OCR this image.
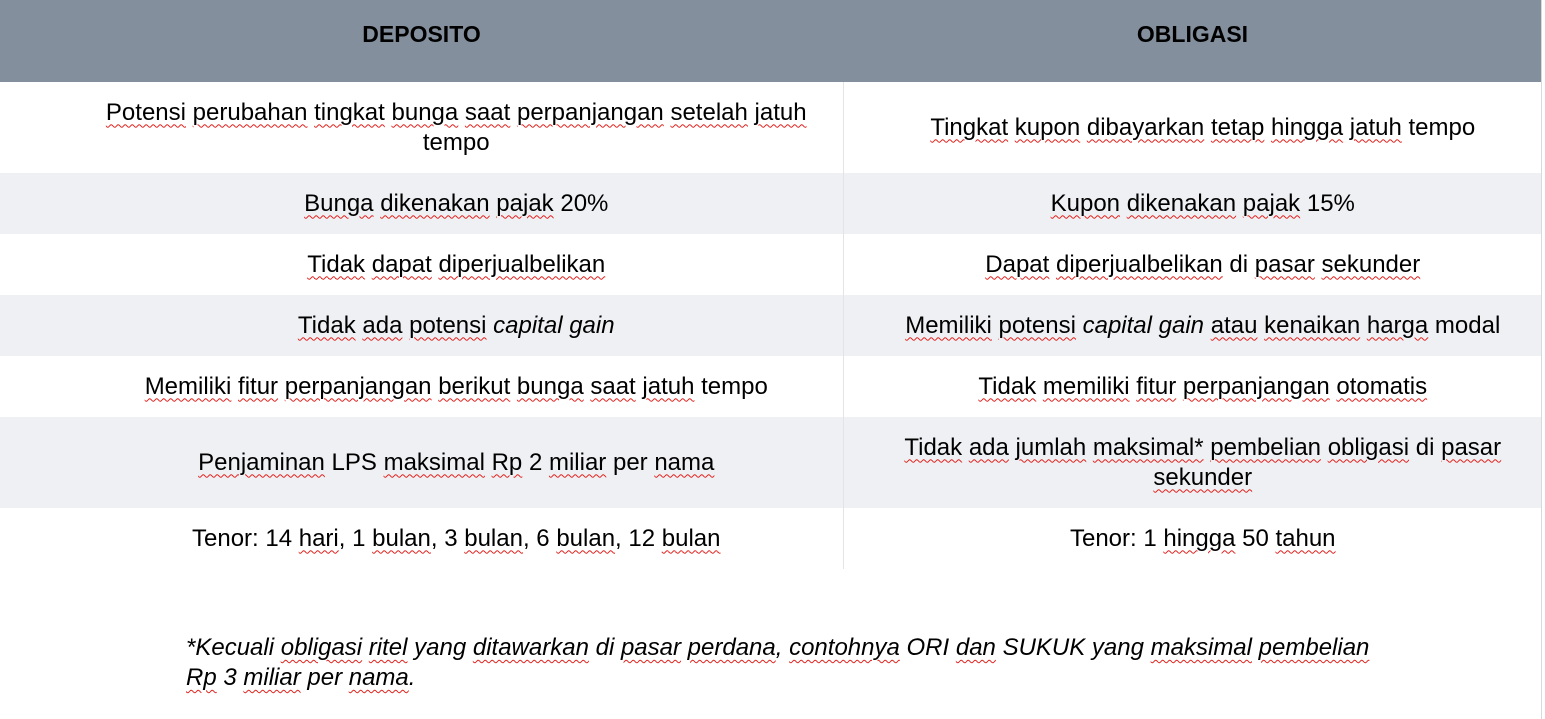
DEPOSITO	OBLIGASI
Potensi perubahan tingkat bunga saat perpanjangan setelah jatuh tempo	Tingkat kupon dibayarkan tetap hingga jatuh tempo
Bunga dikenakan pajak 20%	Kupon dikenakan pajak 15%
Tidak dapat diperjualbelikan	Dapat diperjualbelikan di pasar sekunder
Tidak ada potensi capital gain	Memiliki potensi capital gain atau kenaikan harga modal
Memiliki fitur perpanjangan berikut bunga saat jatuh tempo	Tidak memiliki fitur perpanjangan otomatis
Penjaminan LPS maksimal Rp 2 miliar per nama	Tidak ada jumlah maksimal* pembelian obligasi di pasar sekunder
Tenor: 14 hari, 1 bulan, 3 bulan, 6 bulan, 12 bulan	Tenor: 1 hingga 50 tahun
*Kecuali obligasi ritel yang ditawarkan di pasar perdana, contohnya ORI dan SUKUK yang maksimal pembelian Rp 3 miliar per nama.
